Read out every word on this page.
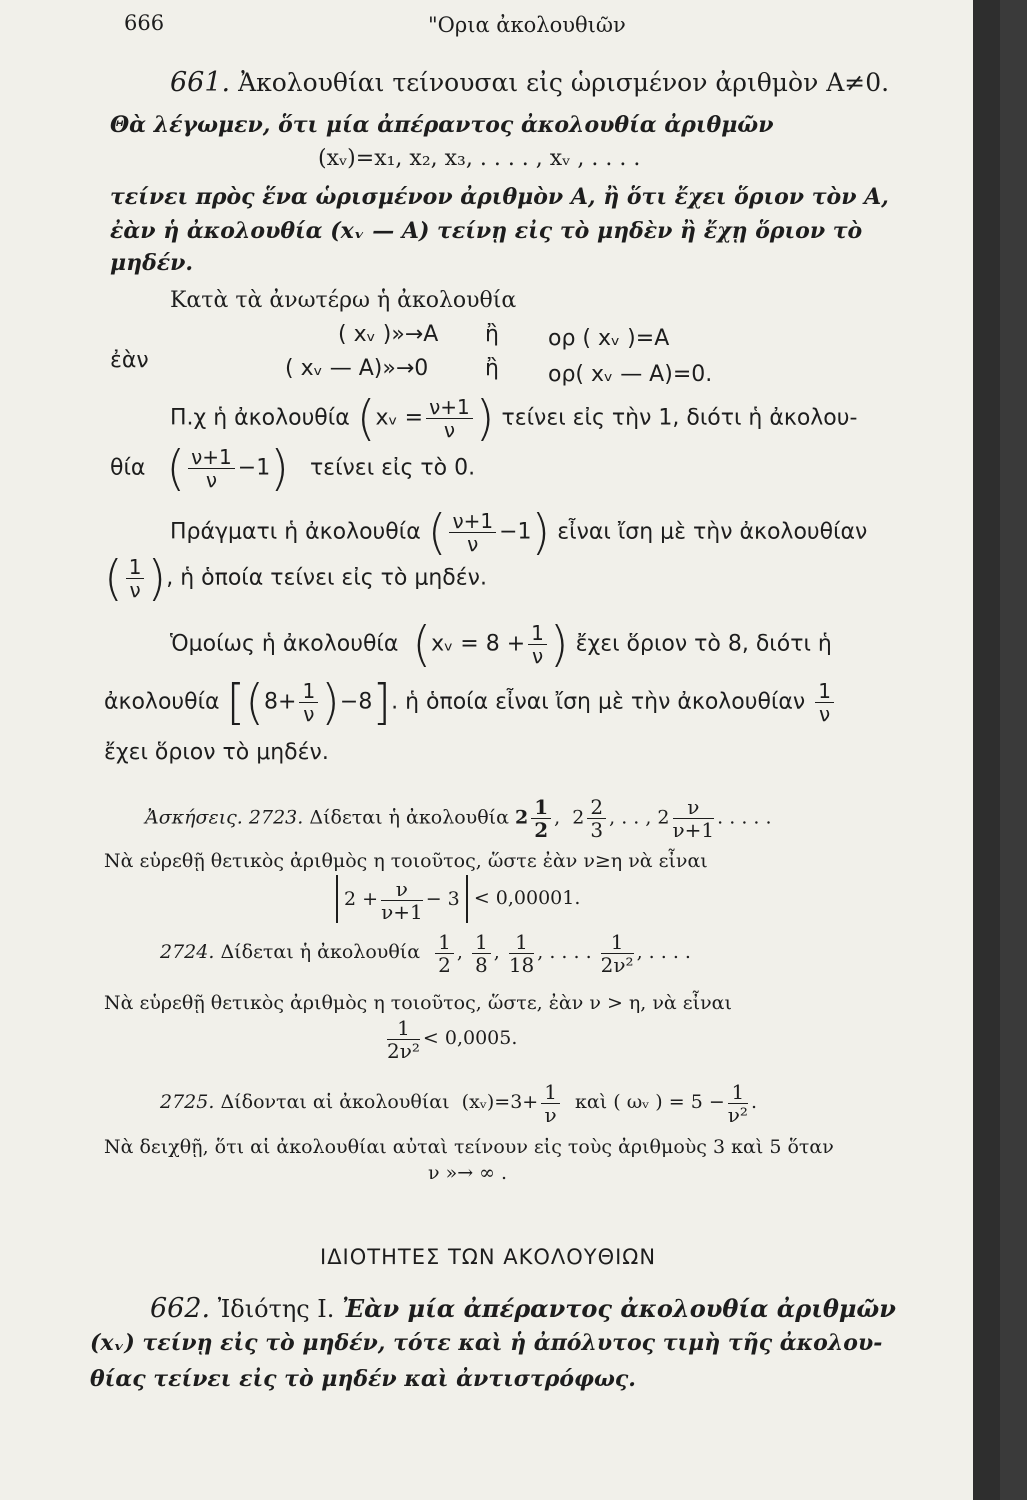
666	"Ορια ἀκολουθιῶν
661. Ἀκολουθίαι τείνουσαι εἰς ὡρισμένον ἀριθμὸν A≠0.
Θὰ λέγωμεν, ὅτι μία ἀπέραντος ἀκολουθία ἀριθμῶν
(xᵥ)=x₁, x₂, x₃, . . . . , xᵥ , . . . .
τείνει πρὸς ἕνα ὡρισμένον ἀριθμὸν A, ἢ ὅτι ἔχει ὅριον τὸν A,
ἐὰν ἡ ἀκολουθία (xᵥ — A) τείνῃ εἰς τὸ μηδὲν ἢ ἔχῃ ὅριον τὸ
μηδέν.
Κατὰ τὰ ἀνωτέρω ἡ ἀκολουθία
( xᵥ )»→A ἢ ορ ( xᵥ )=A
ἐὰν	( xᵥ — A)»→0	ἢ ορ( xᵥ — A)=0.
Π.χ ἡ ἀκολουθία (xᵥ = $\frac{\nu+1}{\nu}$ ) τείνει εἰς τὴν 1, διότι ἡ ἀκολου-
θία ( $\frac{\nu+1}{\nu} -1$) τείνει εἰς τὸ 0.
Πράγματι ἡ ἀκολουθία ( $\frac{\nu+1}{\nu} -1$) εἶναι ἴση μὲ τὴν ἀκολουθίαν
( $\frac{1}{\nu}$ ), ἡ ὁποία τείνει εἰς τὸ μηδέν.
Ὁμοίως ἡ ἀκολουθία (xᵥ = $8 + \frac{1}{\nu}$ ) ἔχει ὅριον τὸ 8, διότι ἡ
ἀκολουθία $[(8+ \frac{1}{\nu} )-8]$. ἡ ὁποία εἶναι ἴση μὲ τὴν ἀκολουθίαν $\frac{1}{\nu}$
ἔχει ὅριον τὸ μηδέν.
Ἀσκήσεις. 2723. Δίδεται ἡ ἀκολουθία $2 \frac{1}{2}$ ,  $2 \frac{2}{3}$ , . . , $2 \frac{\nu}{\nu+1}$ . . . . .
Νὰ εὑρεθῇ θετικὸς ἀριθμὸς η τοιοῦτος, ὥστε ἐὰν ν≥η νὰ εἶναι
$2 + \frac{\nu}{\nu+1} - 3 < 0,00001$.
2724. Δίδεται ἡ ἀκολουθία $\frac{1}{2}$ , $\frac{1}{8}$ , $\frac{1}{18}$ , . . . . $\frac{1}{\text{2ν²}}$ , . . . .
Νὰ εὑρεθῇ θετικὸς ἀριθμὸς η τοιοῦτος, ὥστε, ἐὰν ν > η, νὰ εἶναι
$\frac{1}{\text{2ν²}} < 0,0005$.
2725. Δίδονται αἱ ἀκολουθίαι (xᵥ)=3+ $\frac{1}{\nu}$ καὶ ( ωᵥ ) = $5 - \frac{1}{\text{ν²}}$ .
Νὰ δειχθῇ, ὅτι αἱ ἀκολουθίαι αὐταὶ τείνουν εἰς τοὺς ἀριθμοὺς 3 καὶ 5 ὅταν
ν »→ ∞ .
ΙΔΙΟΤΗΤΕΣ ΤΩΝ ΑΚΟΛΟΥΘΙΩΝ
662. Ἰδιότης I. Ἐὰν μία ἀπέραντος ἀκολουθία ἀριθμῶν
(xᵥ) τείνῃ εἰς τὸ μηδέν, τότε καὶ ἡ ἀπόλυτος τιμὴ τῆς ἀκολου-
θίας τείνει εἰς τὸ μηδέν καὶ ἀντιστρόφως.
